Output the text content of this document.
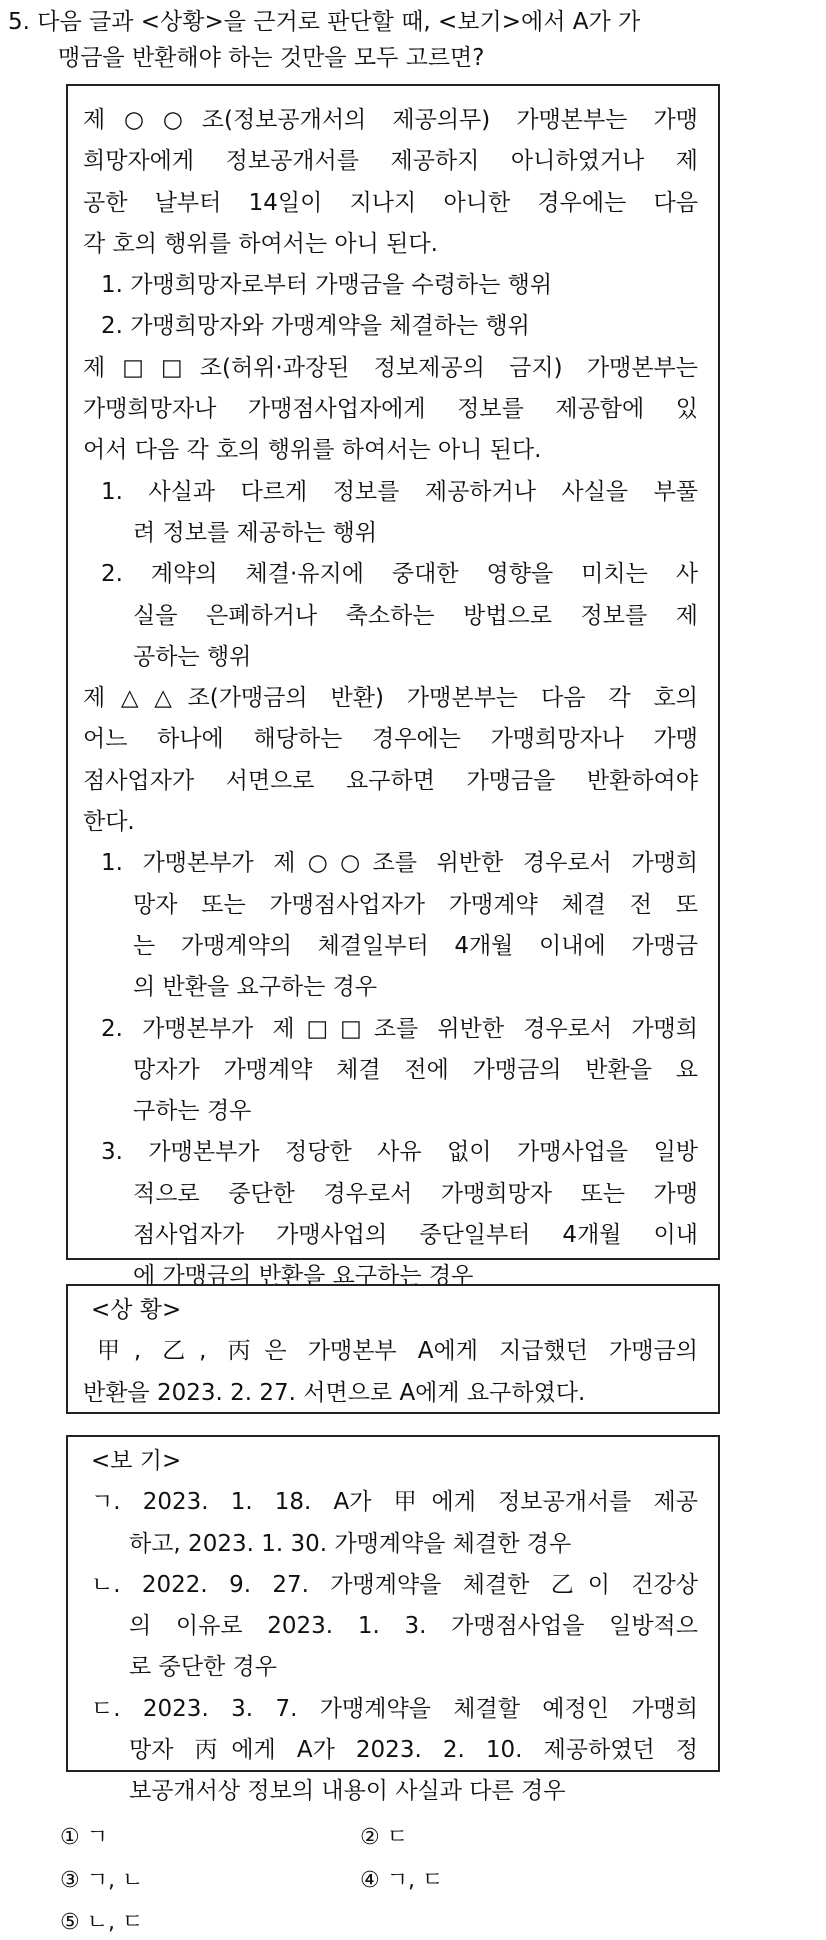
5. 다음 글과 <상황>을 근거로 판단할 때, <보기>에서 A가 가
맹금을 반환해야 하는 것만을 모두 고르면?
제○○조(정보공개서의 제공의무) 가맹본부는 가맹
희망자에게 정보공개서를 제공하지 아니하였거나 제
공한 날부터 14일이 지나지 아니한 경우에는 다음
각 호의 행위를 하여서는 아니 된다.
1. 가맹희망자로부터 가맹금을 수령하는 행위
2. 가맹희망자와 가맹계약을 체결하는 행위
제□□조(허위·과장된 정보제공의 금지) 가맹본부는
가맹희망자나 가맹점사업자에게 정보를 제공함에 있
어서 다음 각 호의 행위를 하여서는 아니 된다.
1. 사실과 다르게 정보를 제공하거나 사실을 부풀
려 정보를 제공하는 행위
2. 계약의 체결·유지에 중대한 영향을 미치는 사
실을 은폐하거나 축소하는 방법으로 정보를 제
공하는 행위
제△△조(가맹금의 반환) 가맹본부는 다음 각 호의
어느 하나에 해당하는 경우에는 가맹희망자나 가맹
점사업자가 서면으로 요구하면 가맹금을 반환하여야
한다.
1. 가맹본부가 제○○조를 위반한 경우로서 가맹희
망자 또는 가맹점사업자가 가맹계약 체결 전 또
는 가맹계약의 체결일부터 4개월 이내에 가맹금
의 반환을 요구하는 경우
2. 가맹본부가 제□□조를 위반한 경우로서 가맹희
망자가 가맹계약 체결 전에 가맹금의 반환을 요
구하는 경우
3. 가맹본부가 정당한 사유 없이 가맹사업을 일방
적으로 중단한 경우로서 가맹희망자 또는 가맹
점사업자가 가맹사업의 중단일부터 4개월 이내
에 가맹금의 반환을 요구하는 경우
<상 황>
甲, 乙, 丙은 가맹본부 A에게 지급했던 가맹금의
반환을 2023. 2. 27. 서면으로 A에게 요구하였다.
<보 기>
ㄱ. 2023. 1. 18. A가 甲에게 정보공개서를 제공
하고, 2023. 1. 30. 가맹계약을 체결한 경우
ㄴ. 2022. 9. 27. 가맹계약을 체결한 乙이 건강상
의 이유로 2023. 1. 3. 가맹점사업을 일방적으
로 중단한 경우
ㄷ. 2023. 3. 7. 가맹계약을 체결할 예정인 가맹희
망자 丙에게 A가 2023. 2. 10. 제공하였던 정
보공개서상 정보의 내용이 사실과 다른 경우
① ㄱ	② ㄷ
③ ㄱ, ㄴ	④ ㄱ, ㄷ
⑤ ㄴ, ㄷ
